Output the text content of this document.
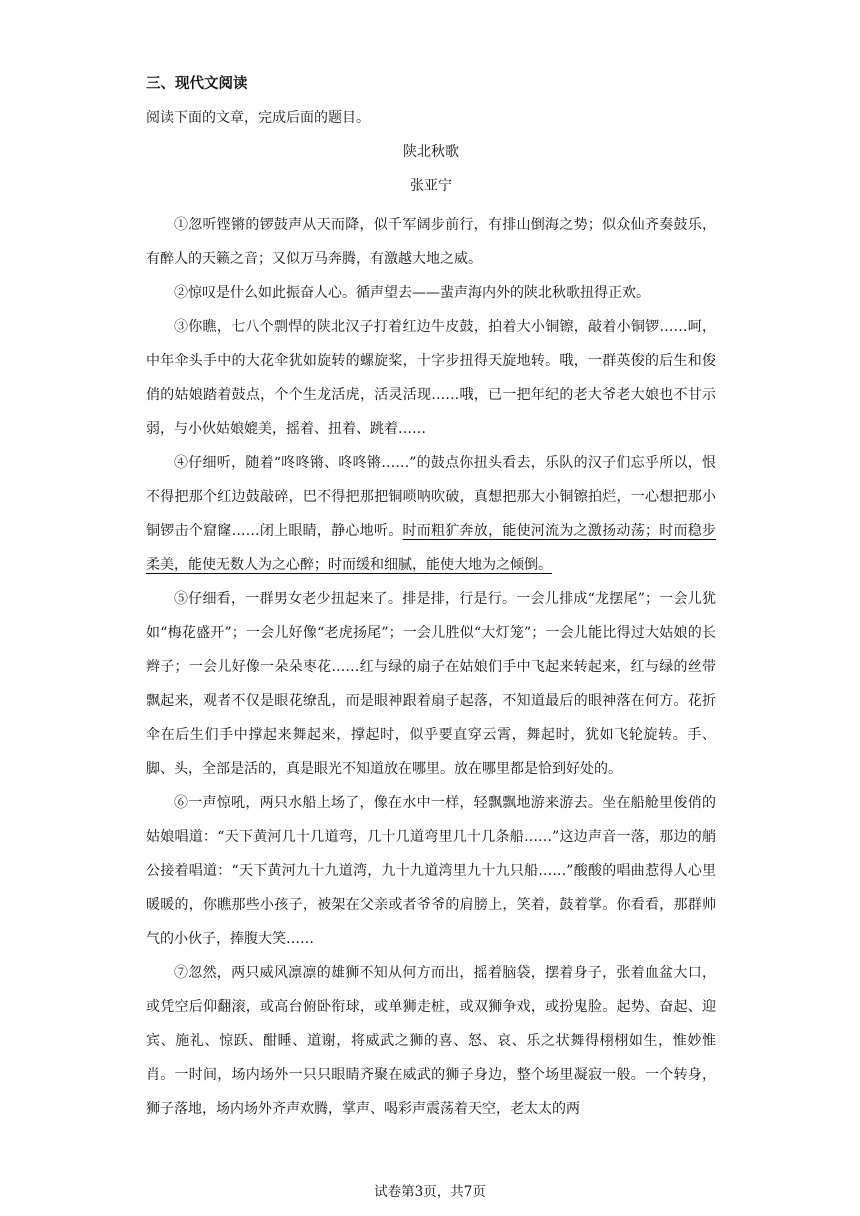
三、现代文阅读
阅读下面的文章，完成后面的题目。
陕北秋歌
张亚宁

①忽听铿锵的锣鼓声从天而降，似千军阔步前行，有排山倒海之势；似众仙齐奏鼓乐，有醉人的天籁之音；又似万马奔腾，有激越大地之威。

②惊叹是什么如此振奋人心。循声望去——蜚声海内外的陕北秋歌扭得正欢。

③你瞧，七八个剽悍的陕北汉子打着红边牛皮鼓，拍着大小铜镲，敲着小铜锣……呵，中年伞头手中的大花伞犹如旋转的螺旋桨，十字步扭得天旋地转。哦，一群英俊的后生和俊俏的姑娘踏着鼓点，个个生龙活虎，活灵活现……哦，已一把年纪的老大爷老大娘也不甘示弱，与小伙姑娘媲美，摇着、扭着、跳着……

④仔细听，随着“咚咚锵、咚咚锵……”的鼓点你扭头看去，乐队的汉子们忘乎所以，恨不得把那个红边鼓敲碎，巴不得把那把铜唢呐吹破，真想把那大小铜镲拍烂，一心想把那小铜锣击个窟窿……闭上眼睛，静心地听。时而粗犷奔放，能使河流为之激扬动荡；时而稳步柔美，能使无数人为之心醉；时而缓和细腻，能使大地为之倾倒。

⑤仔细看，一群男女老少扭起来了。排是排，行是行。一会儿排成“龙摆尾”；一会儿犹如“梅花盛开”；一会儿好像“老虎扬尾”；一会儿胜似“大灯笼”；一会儿能比得过大姑娘的长辫子；一会儿好像一朵朵枣花……红与绿的扇子在姑娘们手中飞起来转起来，红与绿的丝带飘起来，观者不仅是眼花缭乱，而是眼神跟着扇子起落，不知道最后的眼神落在何方。花折伞在后生们手中撑起来舞起来，撑起时，似乎要直穿云霄，舞起时，犹如飞轮旋转。手、脚、头，全部是活的，真是眼光不知道放在哪里。放在哪里都是恰到好处的。

⑥一声惊吼，两只水船上场了，像在水中一样，轻飘飘地游来游去。坐在船舱里俊俏的姑娘唱道：“天下黄河几十几道弯，几十几道弯里几十几条船……”这边声音一落，那边的艄公接着唱道：“天下黄河九十九道湾，九十九道湾里九十九只船……”酸酸的唱曲惹得人心里暖暖的，你瞧那些小孩子，被架在父亲或者爷爷的肩膀上，笑着，鼓着掌。你看看，那群帅气的小伙子，捧腹大笑……

⑦忽然，两只威风凛凛的雄狮不知从何方而出，摇着脑袋，摆着身子，张着血盆大口，或凭空后仰翻滚，或高台俯卧衔球，或单狮走桩，或双狮争戏，或扮鬼脸。起势、奋起、迎宾、施礼、惊跃、酣睡、道谢，将威武之狮的喜、怒、哀、乐之状舞得栩栩如生，惟妙惟肖。一时间，场内场外一只只眼睛齐聚在威武的狮子身边，整个场里凝寂一般。一个转身，狮子落地，场内场外齐声欢腾，掌声、喝彩声震荡着天空，老太太的两

试卷第3页，共7页
